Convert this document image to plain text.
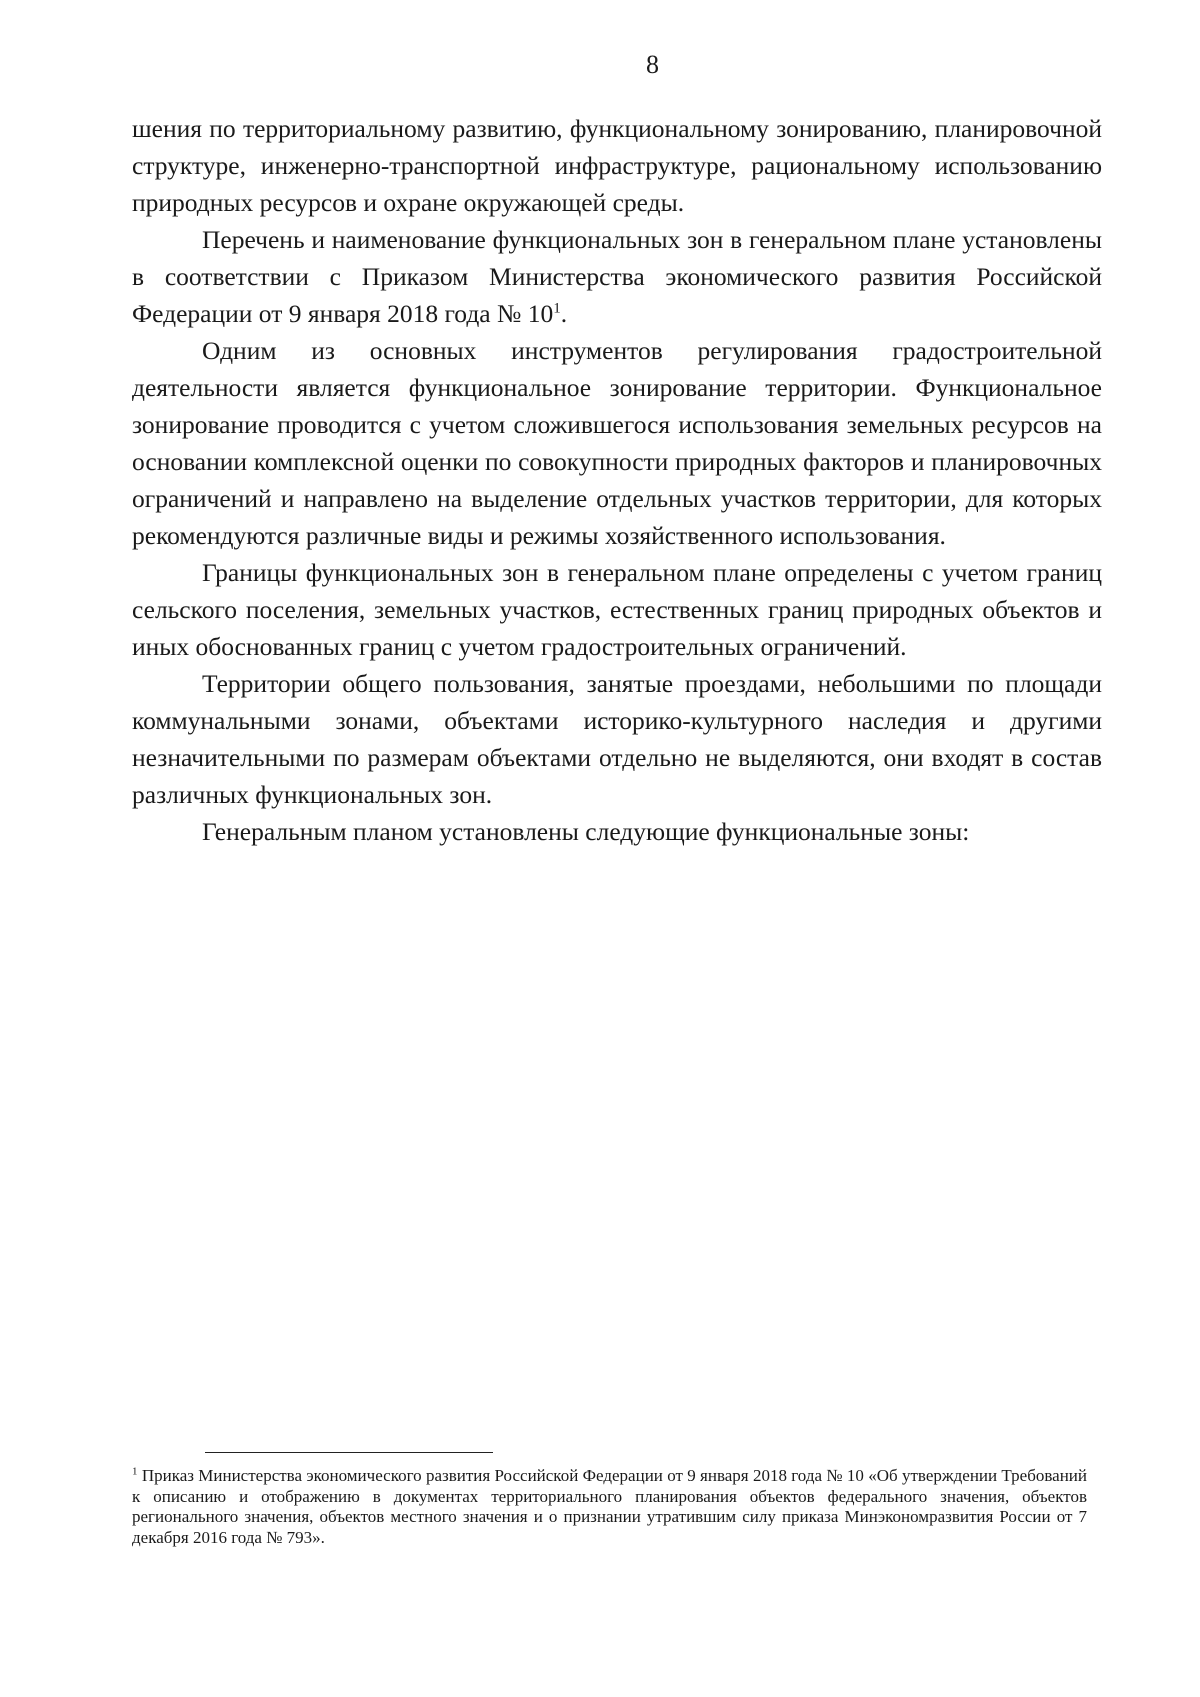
8

шения по территориальному развитию, функциональному зонированию, планировочной структуре, инженерно-транспортной инфраструктуре, рациональному использованию природных ресурсов и охране окружающей среды.

Перечень и наименование функциональных зон в генеральном плане установлены в соответствии с Приказом Министерства экономического развития Российской Федерации от 9 января 2018 года № $10^1$.

Одним из основных инструментов регулирования градостроительной деятельности является функциональное зонирование территории. Функциональное зонирование проводится с учетом сложившегося использования земельных ресурсов на основании комплексной оценки по совокупности природных факторов и планировочных ограничений и направлено на выделение отдельных участков территории, для которых рекомендуются различные виды и режимы хозяйственного использования.

Границы функциональных зон в генеральном плане определены с учетом границ сельского поселения, земельных участков, естественных границ природных объектов и иных обоснованных границ с учетом градостроительных ограничений.

Территории общего пользования, занятые проездами, небольшими по площади коммунальными зонами, объектами историко-культурного наследия и другими незначительными по размерам объектами отдельно не выделяются, они входят в состав различных функциональных зон.

Генеральным планом установлены следующие функциональные зоны:

$^1$ Приказ Министерства экономического развития Российской Федерации от 9 января 2018 года № 10 «Об утверждении Требований к описанию и отображению в документах территориального планирования объектов федерального значения, объектов регионального значения, объектов местного значения и о признании утратившим силу приказа Минэкономразвития России от 7 декабря 2016 года № 793».
